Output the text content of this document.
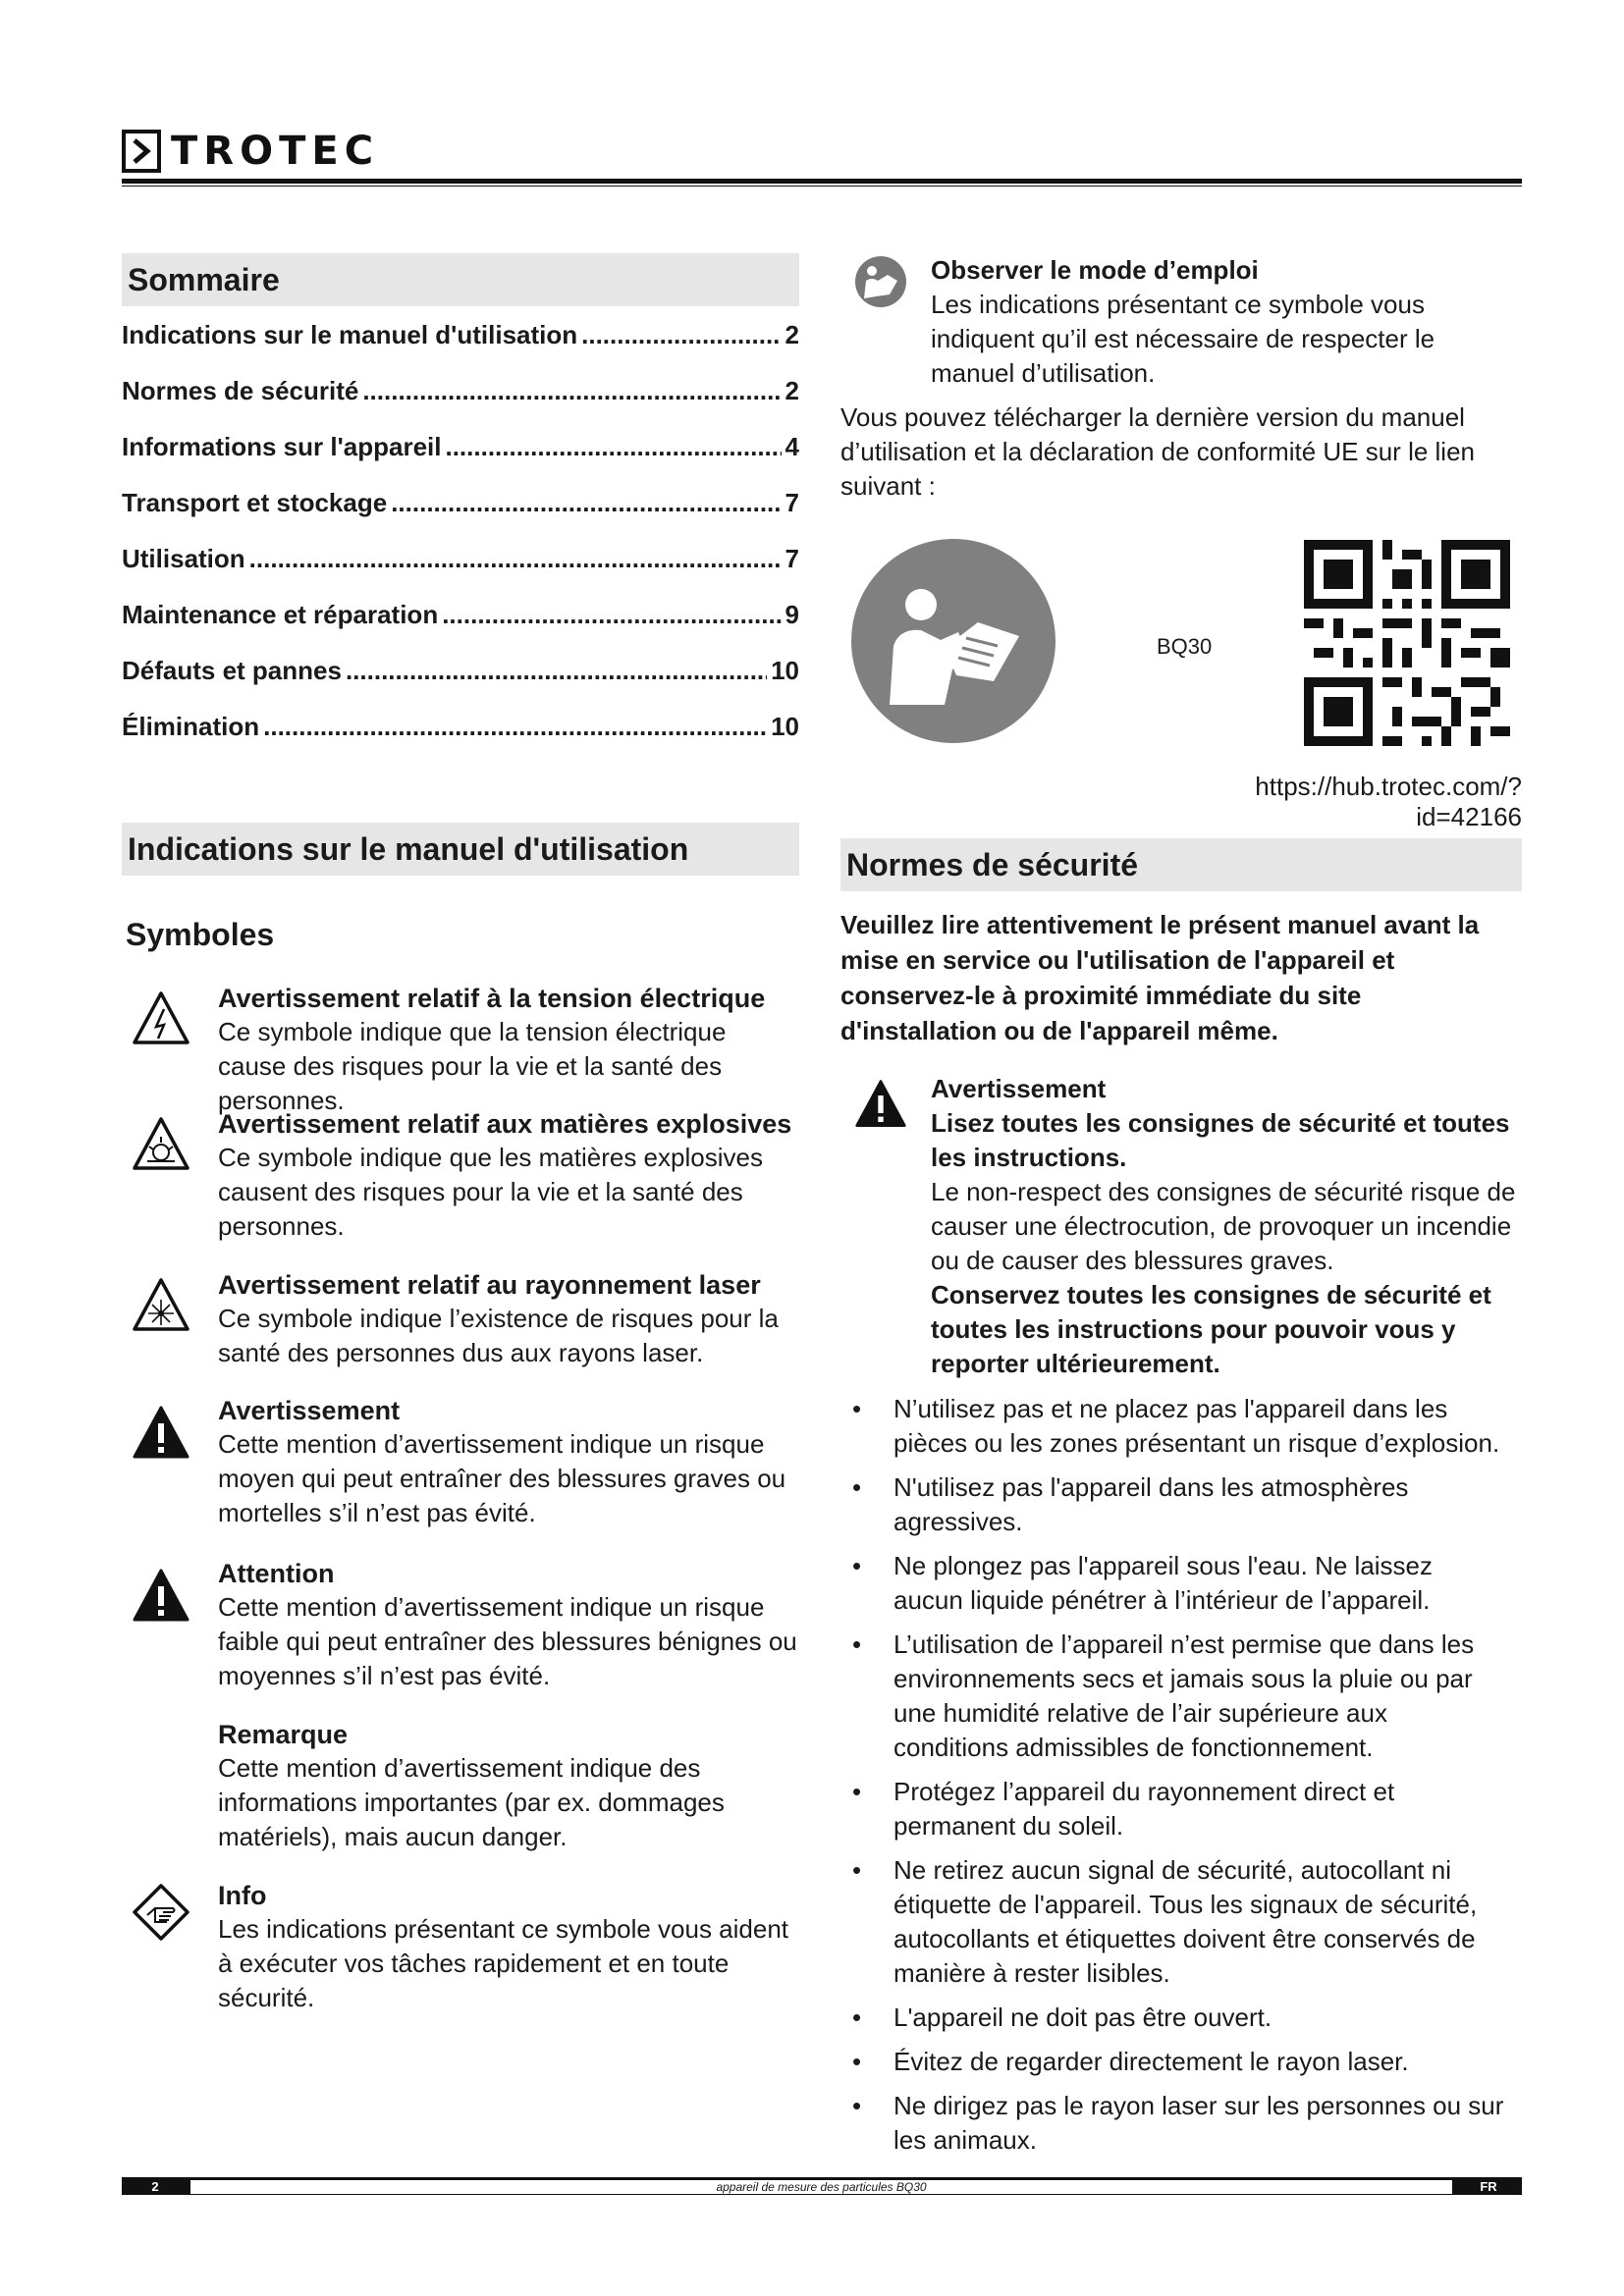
TROTEC
Sommaire
Indications sur le manuel d'utilisation .....	2
Normes de sécurité .....	2
Informations sur l'appareil .....	4
Transport et stockage .....	7
Utilisation .....	7
Maintenance et réparation .....	9
Défauts et pannes .....	10
Élimination .....	10
Indications sur le manuel d'utilisation
Symboles
Avertissement relatif à la tension électrique
Ce symbole indique que la tension électrique cause des risques pour la vie et la santé des personnes.
Avertissement relatif aux matières explosives
Ce symbole indique que les matières explosives causent des risques pour la vie et la santé des personnes.
Avertissement relatif au rayonnement laser
Ce symbole indique l’existence de risques pour la santé des personnes dus aux rayons laser.
Avertissement
Cette mention d’avertissement indique un risque moyen qui peut entraîner des blessures graves ou mortelles s’il n’est pas évité.
Attention
Cette mention d’avertissement indique un risque faible qui peut entraîner des blessures bénignes ou moyennes s’il n’est pas évité.
Remarque
Cette mention d’avertissement indique des informations importantes (par ex. dommages matériels), mais aucun danger.
Info
Les indications présentant ce symbole vous aident à exécuter vos tâches rapidement et en toute sécurité.
Observer le mode d’emploi
Les indications présentant ce symbole vous indiquent qu’il est nécessaire de respecter le manuel d’utilisation.
Vous pouvez télécharger la dernière version du manuel d’utilisation et la déclaration de conformité UE sur le lien suivant :
BQ30
https://hub.trotec.com/?id=42166
Normes de sécurité
Veuillez lire attentivement le présent manuel avant la mise en service ou l'utilisation de l'appareil et conservez-le à proximité immédiate du site d'installation ou de l'appareil même.
Avertissement
Lisez toutes les consignes de sécurité et toutes les instructions.
Le non-respect des consignes de sécurité risque de causer une électrocution, de provoquer un incendie ou de causer des blessures graves.
Conservez toutes les consignes de sécurité et toutes les instructions pour pouvoir vous y reporter ultérieurement.
• N’utilisez pas et ne placez pas l'appareil dans les pièces ou les zones présentant un risque d’explosion.
• N'utilisez pas l'appareil dans les atmosphères agressives.
• Ne plongez pas l'appareil sous l'eau. Ne laissez aucun liquide pénétrer à l’intérieur de l’appareil.
• L’utilisation de l’appareil n’est permise que dans les environnements secs et jamais sous la pluie ou par une humidité relative de l’air supérieure aux conditions admissibles de fonctionnement.
• Protégez l’appareil du rayonnement direct et permanent du soleil.
• Ne retirez aucun signal de sécurité, autocollant ni étiquette de l'appareil. Tous les signaux de sécurité, autocollants et étiquettes doivent être conservés de manière à rester lisibles.
• L'appareil ne doit pas être ouvert.
• Évitez de regarder directement le rayon laser.
• Ne dirigez pas le rayon laser sur les personnes ou sur les animaux.
appareil de mesure des particules BQ30
2	FR
